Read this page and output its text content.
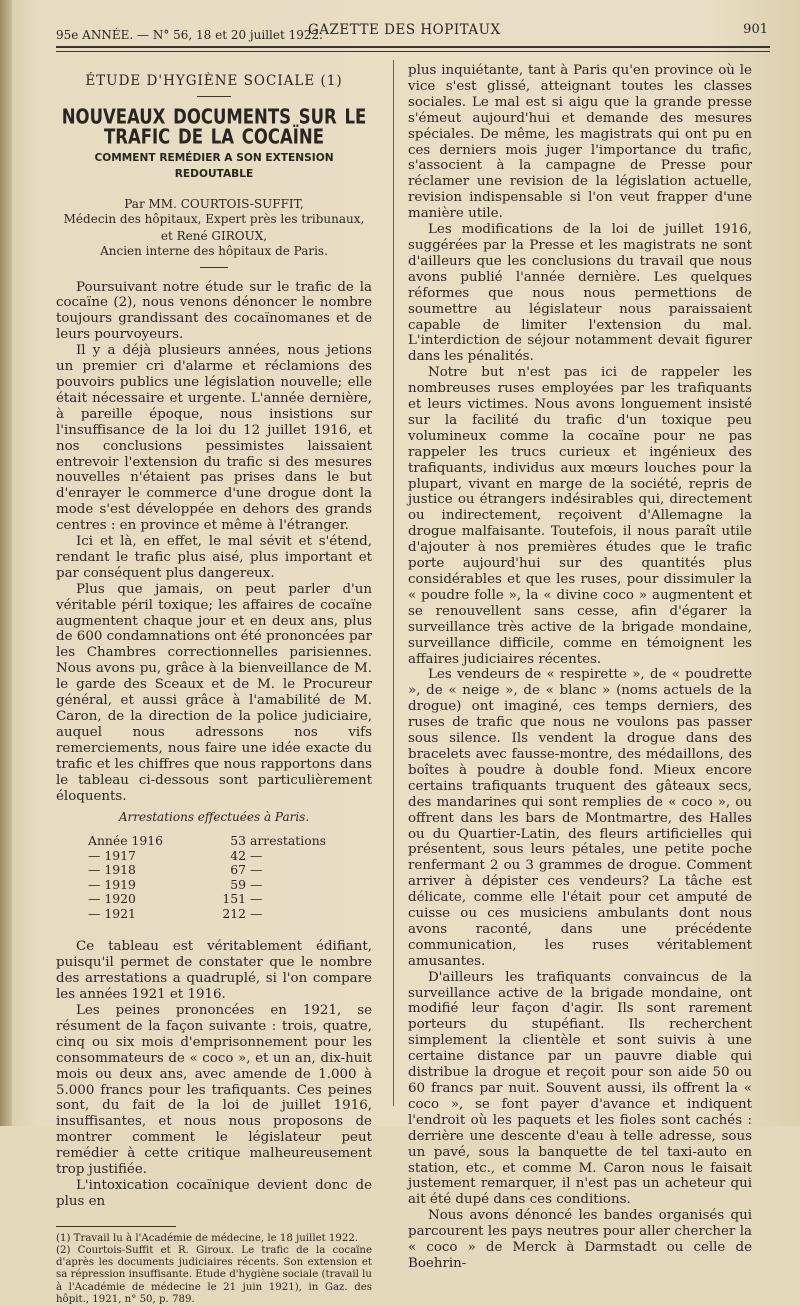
95e ANNÉE. — N° 56, 18 et 20 juillet 1922.
GAZETTE DES HOPITAUX	901
ÉTUDE D'HYGIÈNE SOCIALE (1)
NOUVEAUX DOCUMENTS SUR LE TRAFIC DE LA COCAÏNE
COMMENT REMÉDIER A SON EXTENSION REDOUTABLE
Par MM. COURTOIS-SUFFIT,
Médecin des hôpitaux, Expert près les tribunaux,
et René GIROUX,
Ancien interne des hôpitaux de Paris.

Poursuivant notre étude sur le trafic de la cocaïne (2), nous venons dénoncer le nombre toujours grandissant des cocaïnomanes et de leurs pourvoyeurs.

Il y a déjà plusieurs années, nous jetions un premier cri d'alarme et réclamions des pouvoirs publics une législation nouvelle; elle était nécessaire et urgente. L'année dernière, à pareille époque, nous insistions sur l'insuffisance de la loi du 12 juillet 1916, et nos conclusions pessimistes laissaient entrevoir l'extension du trafic si des mesures nouvelles n'étaient pas prises dans le but d'enrayer le commerce d'une drogue dont la mode s'est développée en dehors des grands centres : en province et même à l'étranger.

Ici et là, en effet, le mal sévit et s'étend, rendant le trafic plus aisé, plus important et par conséquent plus dangereux.

Plus que jamais, on peut parler d'un véritable péril toxique; les affaires de cocaïne augmentent chaque jour et en deux ans, plus de 600 condamnations ont été prononcées par les Chambres correctionnelles parisiennes. Nous avons pu, grâce à la bienveillance de M. le garde des Sceaux et de M. le Procureur général, et aussi grâce à l'amabilité de M. Caron, de la direction de la police judiciaire, auquel nous adressons nos vifs remerciements, nous faire une idée exacte du trafic et les chiffres que nous rapportons dans le tableau ci-dessous sont particulièrement éloquents.

Arrestations effectuées à Paris.
Année 1916	53	arrestations
— 1917	42	—
— 1918	67	—
— 1919	59	—
— 1920	151	—
— 1921	212	—

Ce tableau est véritablement édifiant, puisqu'il permet de constater que le nombre des arrestations a quadruplé, si l'on compare les années 1921 et 1916.

Les peines prononcées en 1921, se résument de la façon suivante : trois, quatre, cinq ou six mois d'emprisonnement pour les consommateurs de « coco », et un an, dix-huit mois ou deux ans, avec amende de 1.000 à 5.000 francs pour les trafiquants. Ces peines sont, du fait de la loi de juillet 1916, insuffisantes, et nous nous proposons de montrer comment le législateur peut remédier à cette critique malheureusement trop justifiée.

L'intoxication cocaïnique devient donc de plus en

(1) Travail lu à l'Académie de médecine, le 18 juillet 1922.

(2) Courtois-Suffit et R. Giroux. Le trafic de la cocaïne d'après les documents judiciaires récents. Son extension et sa répression insuffisante. Etude d'hygiène sociale (travail lu à l'Académie de médecine le 21 juin 1921), in Gaz. des hôpit., 1921, n° 50, p. 789.

plus inquiétante, tant à Paris qu'en province où le vice s'est glissé, atteignant toutes les classes sociales. Le mal est si aigu que la grande presse s'émeut aujourd'hui et demande des mesures spéciales. De même, les magistrats qui ont pu en ces derniers mois juger l'importance du trafic, s'associent à la campagne de Presse pour réclamer une revision de la législation actuelle, revision indispensable si l'on veut frapper d'une manière utile.

Les modifications de la loi de juillet 1916, suggérées par la Presse et les magistrats ne sont d'ailleurs que les conclusions du travail que nous avons publié l'année dernière. Les quelques réformes que nous nous permettions de soumettre au législateur nous paraissaient capable de limiter l'extension du mal. L'interdiction de séjour notamment devait figurer dans les pénalités.

Notre but n'est pas ici de rappeler les nombreuses ruses employées par les trafiquants et leurs victimes. Nous avons longuement insisté sur la facilité du trafic d'un toxique peu volumineux comme la cocaïne pour ne pas rappeler les trucs curieux et ingénieux des trafiquants, individus aux mœurs louches pour la plupart, vivant en marge de la société, repris de justice ou étrangers indésirables qui, directement ou indirectement, reçoivent d'Allemagne la drogue malfaisante. Toutefois, il nous paraît utile d'ajouter à nos premières études que le trafic porte aujourd'hui sur des quantités plus considérables et que les ruses, pour dissimuler la « poudre folle », la « divine coco » augmentent et se renouvellent sans cesse, afin d'égarer la surveillance très active de la brigade mondaine, surveillance difficile, comme en témoignent les affaires judiciaires récentes.

Les vendeurs de « respirette », de « poudrette », de « neige », de « blanc » (noms actuels de la drogue) ont imaginé, ces temps derniers, des ruses de trafic que nous ne voulons pas passer sous silence. Ils vendent la drogue dans des bracelets avec fausse-montre, des médaillons, des boîtes à poudre à double fond. Mieux encore certains trafiquants truquent des gâteaux secs, des mandarines qui sont remplies de « coco », ou offrent dans les bars de Montmartre, des Halles ou du Quartier-Latin, des fleurs artificielles qui présentent, sous leurs pétales, une petite poche renfermant 2 ou 3 grammes de drogue. Comment arriver à dépister ces vendeurs? La tâche est délicate, comme elle l'était pour cet amputé de cuisse ou ces musiciens ambulants dont nous avons raconté, dans une précédente communication, les ruses véritablement amusantes.

D'ailleurs les trafiquants convaincus de la surveillance active de la brigade mondaine, ont modifié leur façon d'agir. Ils sont rarement porteurs du stupéfiant. Ils recherchent simplement la clientèle et sont suivis à une certaine distance par un pauvre diable qui distribue la drogue et reçoit pour son aide 50 ou 60 francs par nuit. Souvent aussi, ils offrent la « coco », se font payer d'avance et indiquent l'endroit où les paquets et les fioles sont cachés : derrière une descente d'eau à telle adresse, sous un pavé, sous la banquette de tel taxi-auto en station, etc., et comme M. Caron nous le faisait justement remarquer, il n'est pas un acheteur qui ait été dupé dans ces conditions.

Nous avons dénoncé les bandes organisés qui parcourent les pays neutres pour aller chercher la « coco » de Merck à Darmstadt ou celle de Boehrin-
